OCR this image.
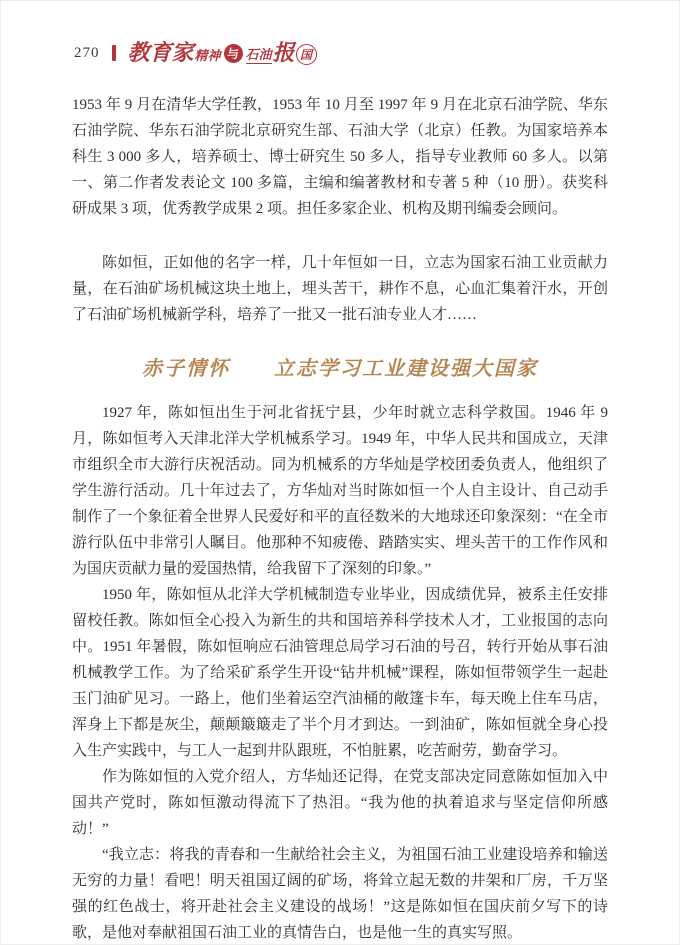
270 教育家 精神 与 石油 报 国

1953 年 9 月在清华大学任教，1953 年 10 月至 1997 年 9 月在北京石油学院、华东石油学院、华东石油学院北京研究生部、石油大学（北京）任教。为国家培养本科生 3 000 多人，培养硕士、博士研究生 50 多人，指导专业教师 60 多人。以第一、第二作者发表论文 100 多篇，主编和编著教材和专著 5 种（10 册）。获奖科研成果 3 项，优秀教学成果 2 项。担任多家企业、机构及期刊编委会顾问。

陈如恒，正如他的名字一样，几十年恒如一日，立志为国家石油工业贡献力量，在石油矿场机械这块土地上，埋头苦干，耕作不息，心血汇集着汗水，开创了石油矿场机械新学科，培养了一批又一批石油专业人才……

赤子情怀　　立志学习工业建设强大国家

1927 年，陈如恒出生于河北省抚宁县，少年时就立志科学救国。1946 年 9 月，陈如恒考入天津北洋大学机械系学习。1949 年，中华人民共和国成立，天津市组织全市大游行庆祝活动。同为机械系的方华灿是学校团委负责人，他组织了学生游行活动。几十年过去了，方华灿对当时陈如恒一个人自主设计、自己动手制作了一个象征着全世界人民爱好和平的直径数米的大地球还印象深刻：“在全市游行队伍中非常引人瞩目。他那种不知疲倦、踏踏实实、埋头苦干的工作作风和为国庆贡献力量的爱国热情，给我留下了深刻的印象。”

1950 年，陈如恒从北洋大学机械制造专业毕业，因成绩优异，被系主任安排留校任教。陈如恒全心投入为新生的共和国培养科学技术人才，工业报国的志向中。1951 年暑假，陈如恒响应石油管理总局学习石油的号召，转行开始从事石油机械教学工作。为了给采矿系学生开设“钻井机械”课程，陈如恒带领学生一起赴玉门油矿见习。一路上，他们坐着运空汽油桶的敞篷卡车，每天晚上住车马店，浑身上下都是灰尘，颠颠簸簸走了半个月才到达。一到油矿，陈如恒就全身心投入生产实践中，与工人一起到井队跟班，不怕脏累，吃苦耐劳，勤奋学习。

作为陈如恒的入党介绍人，方华灿还记得，在党支部决定同意陈如恒加入中国共产党时，陈如恒激动得流下了热泪。“我为他的执着追求与坚定信仰所感动！”

“我立志：将我的青春和一生献给社会主义，为祖国石油工业建设培养和输送无穷的力量！看吧！明天祖国辽阔的矿场，将耸立起无数的井架和厂房，千万坚强的红色战士，将开赴社会主义建设的战场！”这是陈如恒在国庆前夕写下的诗歌，是他对奉献祖国石油工业的真情告白，也是他一生的真实写照。
